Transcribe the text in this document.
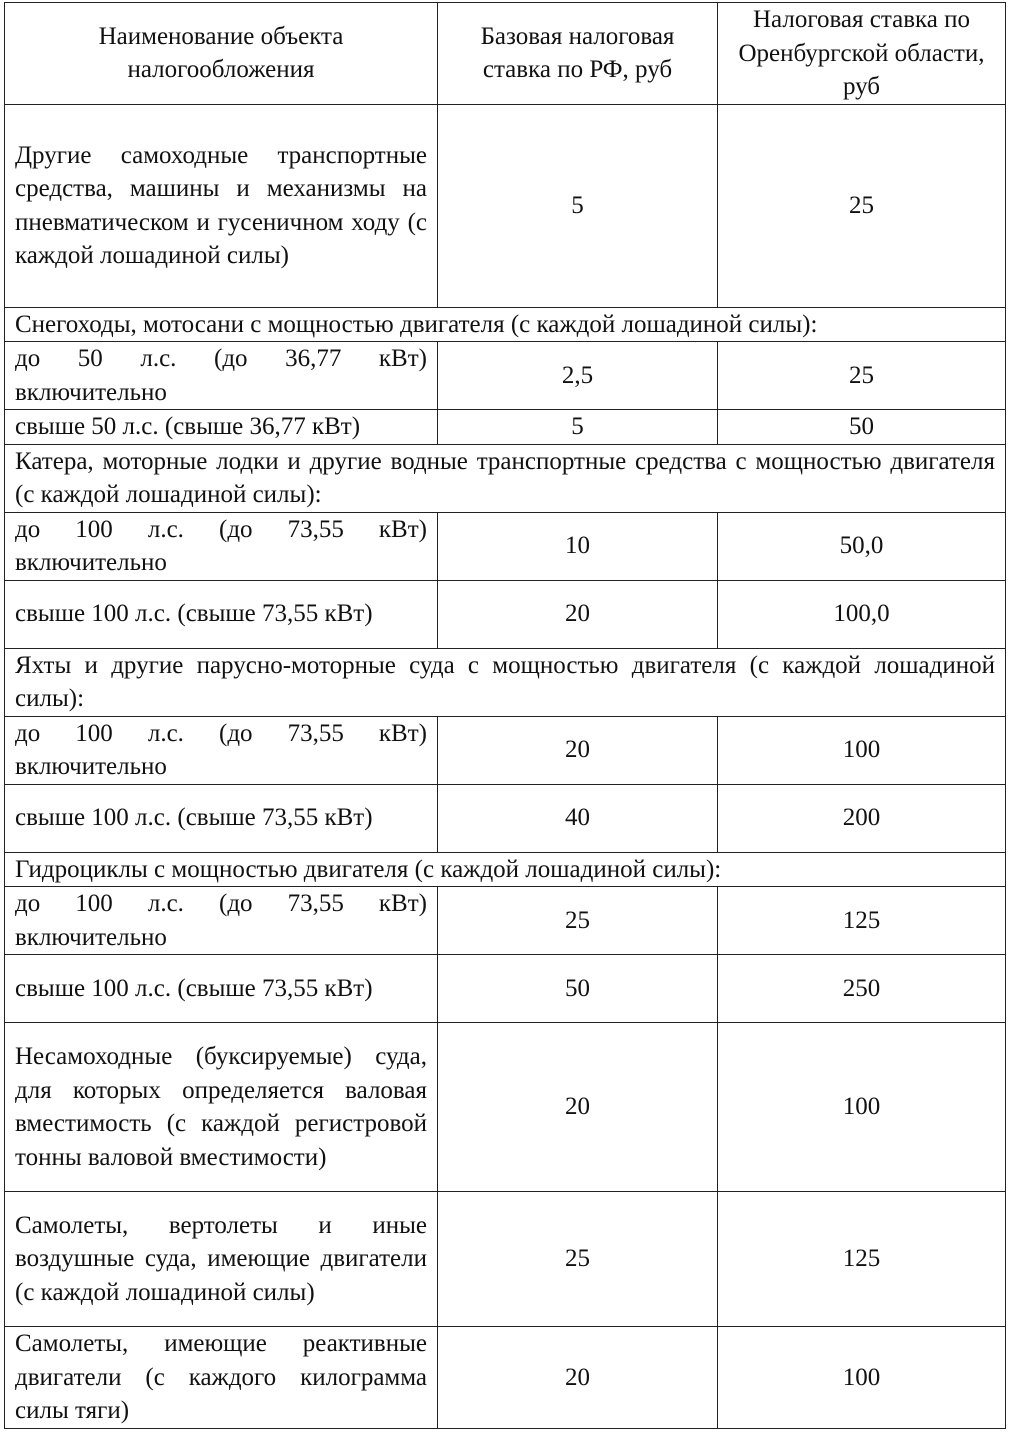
Наименование объекта налогообложения	Базовая налоговая ставка по РФ, руб	Налоговая ставка по Оренбургской области, руб
Другие самоходные транспортные средства, машины и механизмы на пневматическом и гусеничном ходу (с каждой лошадиной силы)	5	25
Снегоходы, мотосани с мощностью двигателя (с каждой лошадиной силы):		
до 50 л.с. (до 36,77 кВт) включительно	2,5	25
свыше 50 л.с. (свыше 36,77 кВт)	5	50
Катера, моторные лодки и другие водные транспортные средства с мощностью двигателя (с каждой лошадиной силы):		
до 100 л.с. (до 73,55 кВт) включительно	10	50,0
свыше 100 л.с. (свыше 73,55 кВт)	20	100,0
Яхты и другие парусно-моторные суда с мощностью двигателя (с каждой лошадиной силы):		
до 100 л.с. (до 73,55 кВт) включительно	20	100
свыше 100 л.с. (свыше 73,55 кВт)	40	200
Гидроциклы с мощностью двигателя (с каждой лошадиной силы):		
до 100 л.с. (до 73,55 кВт) включительно	25	125
свыше 100 л.с. (свыше 73,55 кВт)	50	250
Несамоходные (буксируемые) суда, для которых определяется валовая вместимость (с каждой регистровой тонны валовой вместимости)	20	100
Самолеты, вертолеты и иные воздушные суда, имеющие двигатели (с каждой лошадиной силы)	25	125
Самолеты, имеющие реактивные двигатели (с каждого килограмма силы тяги)	20	100
